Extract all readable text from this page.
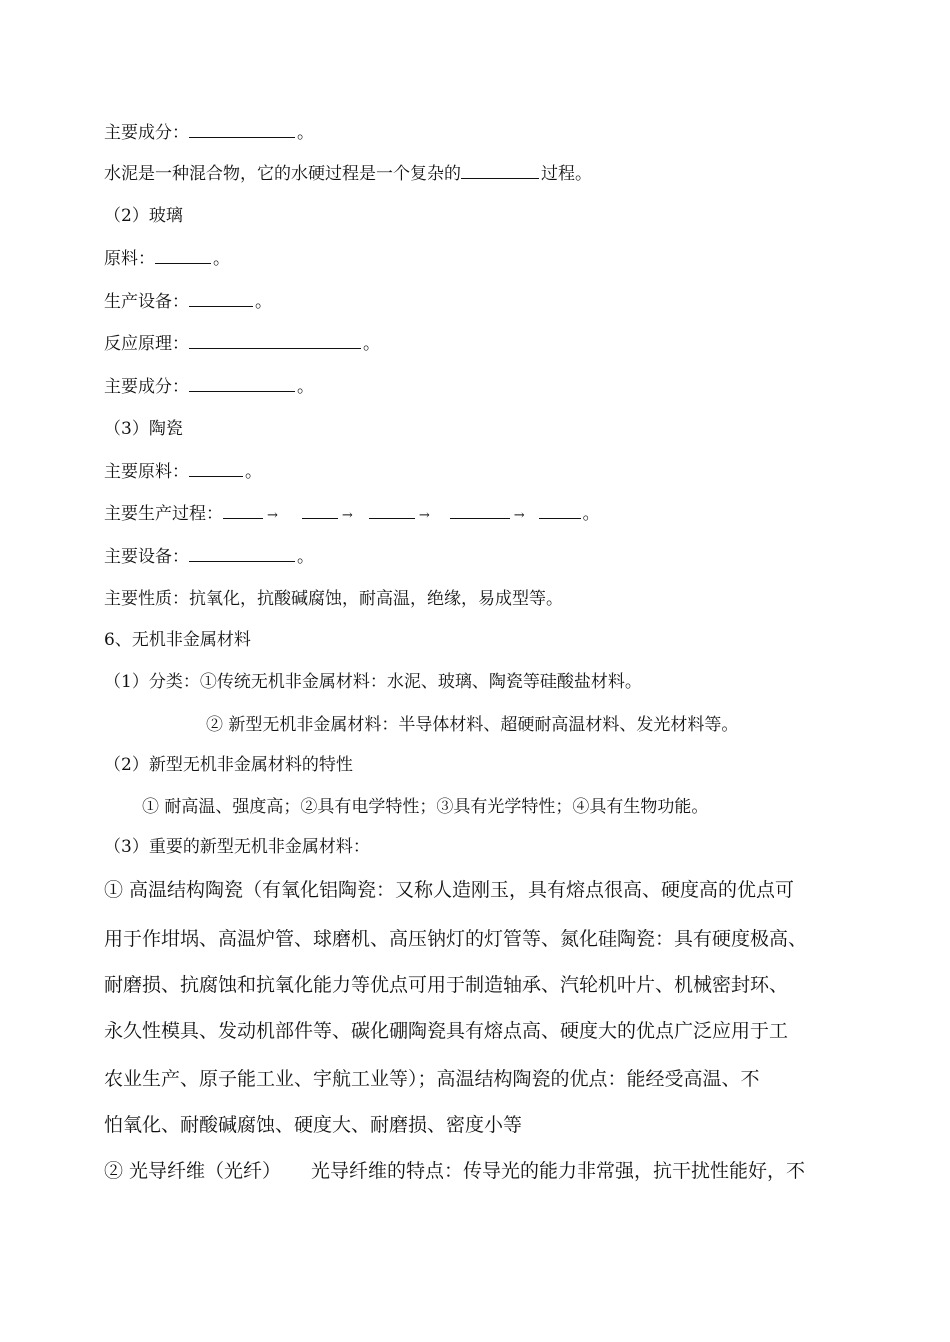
主要成分：	。
水泥是一种混合物，它的水硬过程是一个复杂的	过程。
（2）玻璃
原料：	。
生产设备：	。
反应原理：	。
主要成分：	。
（3）陶瓷
主要原料：	。
主要生产过程：	→	→	→	→	。
主要设备：	。
主要性质：抗氧化，抗酸碱腐蚀，耐高温，绝缘，易成型等。
6、无机非金属材料
（1）分类：①传统无机非金属材料：水泥、玻璃、陶瓷等硅酸盐材料。
② 新型无机非金属材料：半导体材料、超硬耐高温材料、发光材料等。
（2）新型无机非金属材料的特性
① 耐高温、强度高；②具有电学特性；③具有光学特性；④具有生物功能。
（3）重要的新型无机非金属材料：
① 高温结构陶瓷（有氧化铝陶瓷：又称人造刚玉，具有熔点很高、硬度高的优点可
用于作坩埚、高温炉管、球磨机、高压钠灯的灯管等、氮化硅陶瓷：具有硬度极高、
耐磨损、抗腐蚀和抗氧化能力等优点可用于制造轴承、汽轮机叶片、机械密封环、
永久性模具、发动机部件等、碳化硼陶瓷具有熔点高、硬度大的优点广泛应用于工
农业生产、原子能工业、宇航工业等）；高温结构陶瓷的优点：能经受高温、不
怕氧化、耐酸碱腐蚀、硬度大、耐磨损、密度小等
② 光导纤维（光纤） 光导纤维的特点：传导光的能力非常强，抗干扰性能好，不
